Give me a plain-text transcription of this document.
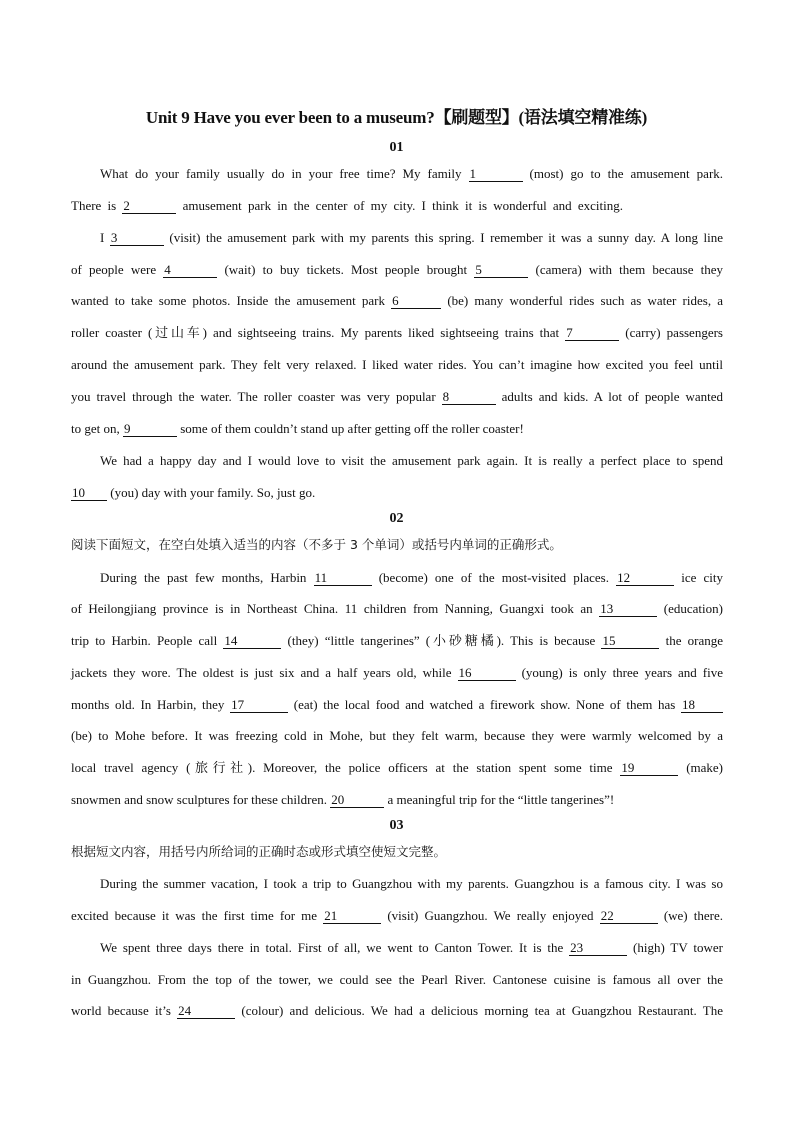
Unit 9 Have you ever been to a museum?【刷题型】(语法填空精准练)
01
What do your family usually do in your free time? My family 1	(most) go to the amusement park.
There is 2	amusement park in the center of my city. I think it is wonderful and exciting.
I 3	(visit) the amusement park with my parents this spring. I remember it was a sunny day. A long line
of people were 4	(wait) to buy tickets. Most people brought 5	(camera) with them because they
wanted to take some photos. Inside the amusement park 6	(be) many wonderful rides such as water rides, a
roller coaster (过山车) and sightseeing trains. My parents liked sightseeing trains that 7	(carry) passengers
around the amusement park. They felt very relaxed. I liked water rides. You can’t imagine how excited you feel until
you travel through the water. The roller coaster was very popular 8	adults and kids. A lot of people wanted
to get on, 9	some of them couldn’t stand up after getting off the roller coaster!
We had a happy day and I would love to visit the amusement park again. It is really a perfect place to spend
10 (you) day with your family. So, just go.
02
阅读下面短文，在空白处填入适当的内容（不多于 3 个单词）或括号内单词的正确形式。
During the past few months, Harbin 11	(become) one of the most-visited places. 12	ice city
of Heilongjiang province is in Northeast China. 11 children from Nanning, Guangxi took an 13	(education)
trip to Harbin. People call 14	(they) “little tangerines” (小砂糖橘). This is because 15	the orange
jackets they wore. The oldest is just six and a half years old, while 16	(young) is only three years and five
months old. In Harbin, they 17	(eat) the local food and watched a firework show. None of them has 18
(be) to Mohe before. It was freezing cold in Mohe, but they felt warm, because they were warmly welcomed by a
local travel agency (旅行社). Moreover, the police officers at the station spent some time 19	(make)
snowmen and snow sculptures for these children. 20	a meaningful trip for the “little tangerines”!
03
根据短文内容，用括号内所给词的正确时态或形式填空使短文完整。
During the summer vacation, I took a trip to Guangzhou with my parents. Guangzhou is a famous city. I was so
excited because it was the first time for me 21	(visit) Guangzhou. We really enjoyed 22	(we) there.
We spent three days there in total. First of all, we went to Canton Tower. It is the 23	(high) TV tower
in Guangzhou. From the top of the tower, we could see the Pearl River. Cantonese cuisine is famous all over the
world because it’s 24	(colour) and delicious. We had a delicious morning tea at Guangzhou Restaurant. The
